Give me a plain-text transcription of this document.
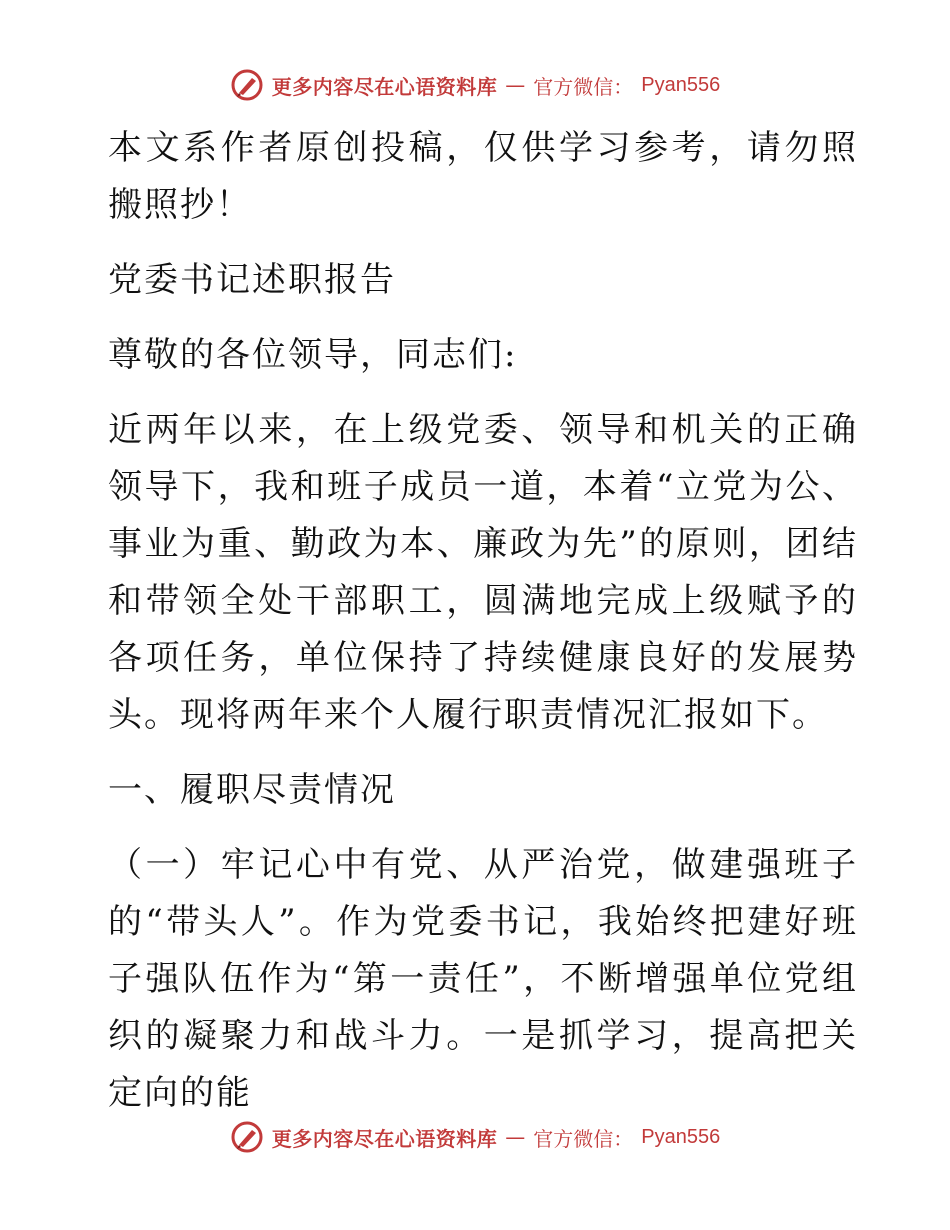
更多内容尽在心语资料库 — 官方微信： Pyan556

本文系作者原创投稿，仅供学习参考，请勿照搬照抄！

党委书记述职报告

尊敬的各位领导，同志们:

近两年以来，在上级党委、领导和机关的正确领导下，我和班子成员一道，本着“立党为公、事业为重、勤政为本、廉政为先”的原则，团结和带领全处干部职工，圆满地完成上级赋予的各项任务，单位保持了持续健康良好的发展势头。现将两年来个人履行职责情况汇报如下。

一、履职尽责情况

（一）牢记心中有党、从严治党，做建强班子的“带头人”。作为党委书记，我始终把建好班子强队伍作为“第一责任”，不断增强单位党组织的凝聚力和战斗力。一是抓学习，提高把关定向的能

更多内容尽在心语资料库 — 官方微信： Pyan556
